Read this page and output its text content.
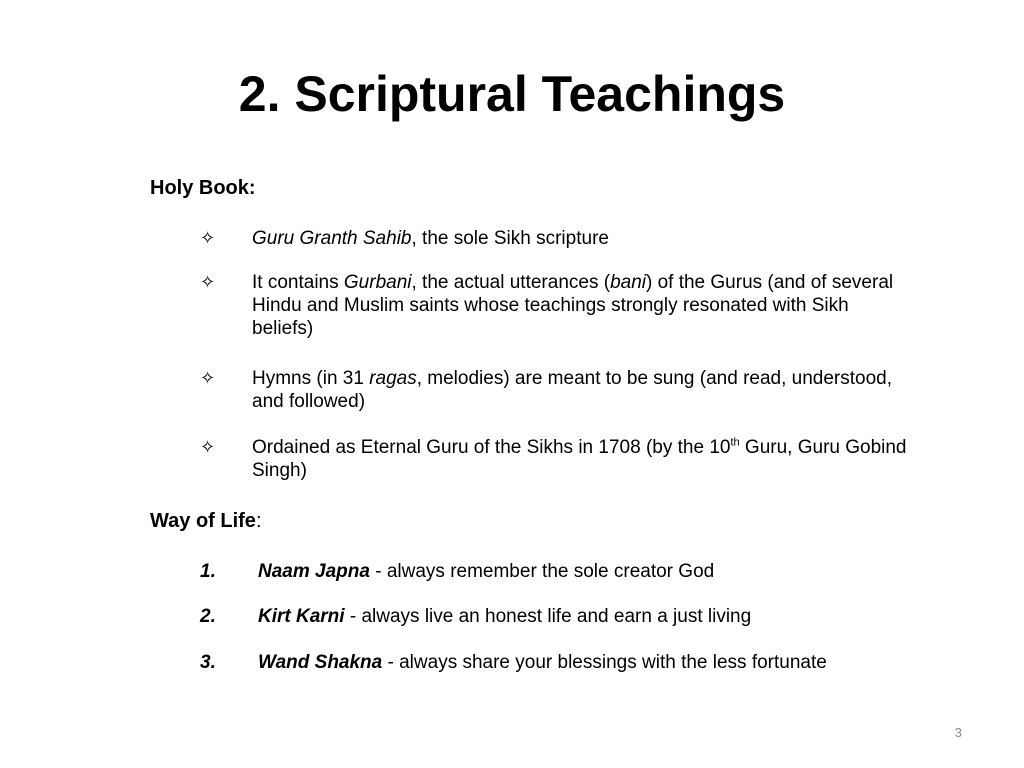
2. Scriptural Teachings
Holy Book:
✧ Guru Granth Sahib, the sole Sikh scripture
✧ It contains Gurbani, the actual utterances (bani) of the Gurus (and of several Hindu and Muslim saints whose teachings strongly resonated with Sikh beliefs)
✧ Hymns (in 31 ragas, melodies) are meant to be sung (and read, understood, and followed)
✧ Ordained as Eternal Guru of the Sikhs in 1708 (by the 10th Guru, Guru Gobind Singh)
Way of Life:
1. Naam Japna - always remember the sole creator God
2. Kirt Karni - always live an honest life and earn a just living
3. Wand Shakna - always share your blessings with the less fortunate
3
